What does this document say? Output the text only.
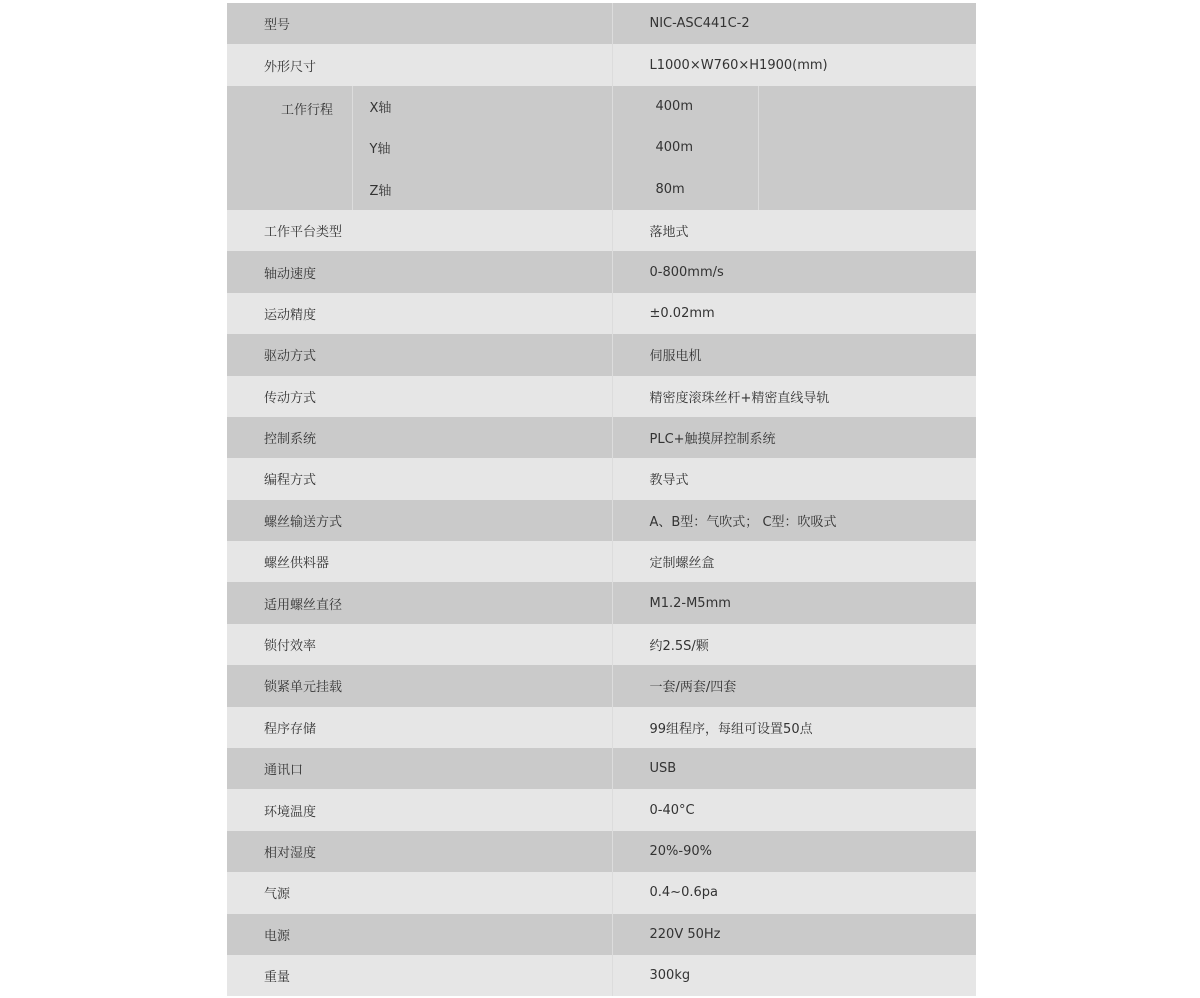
型号		NIC-ASC441C-2	
外形尺寸		L1000×W760×H1900(mm)	
工作行程	X轴	400m	
	Y轴	400m	
	Z轴	80m	
工作平台类型		落地式	
轴动速度		0-800mm/s	
运动精度		±0.02mm	
驱动方式		伺服电机	
传动方式		精密度滚珠丝杆+精密直线导轨	
控制系统		PLC+触摸屏控制系统	
编程方式		教导式	
螺丝输送方式		A、B型：气吹式； C型：吹吸式	
螺丝供料器		定制螺丝盒	
适用螺丝直径		M1.2-M5mm	
锁付效率		约2.5S/颗	
锁紧单元挂载		一套/两套/四套	
程序存储		99组程序，每组可设置50点	
通讯口		USB	
环境温度		0-40°C	
相对湿度		20%-90%	
气源		0.4~0.6pa	
电源		220V 50Hz	
重量		300kg	
